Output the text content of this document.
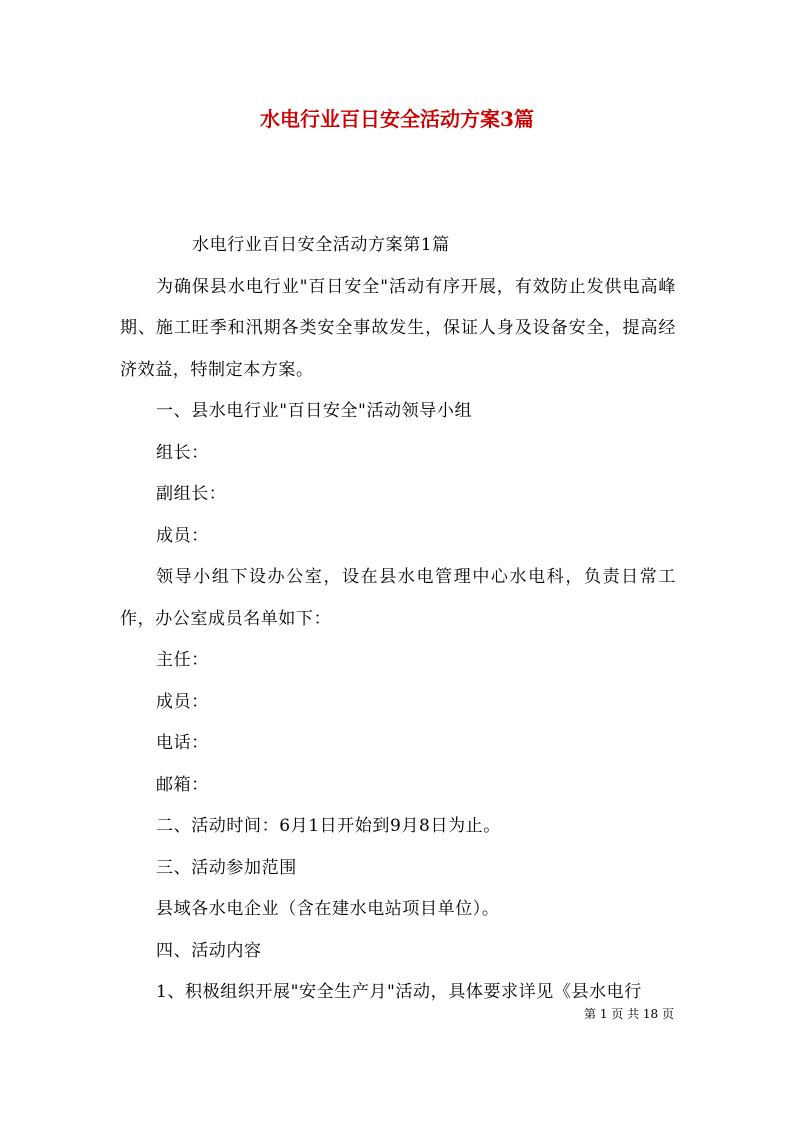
水电行业百日安全活动方案3篇

水电行业百日安全活动方案第1篇

为确保县水电行业"百日安全"活动有序开展，有效防止发供电高峰期、施工旺季和汛期各类安全事故发生，保证人身及设备安全，提高经济效益，特制定本方案。

一、县水电行业"百日安全"活动领导小组

组长：

副组长：

成员：

领导小组下设办公室，设在县水电管理中心水电科，负责日常工作，办公室成员名单如下：

主任：

成员：

电话：

邮箱：

二、活动时间：6月1日开始到9月8日为止。

三、活动参加范围

县域各水电企业（含在建水电站项目单位）。

四、活动内容

1、积极组织开展"安全生产月"活动，具体要求详见《县水电行

第 1 页 共 18 页
